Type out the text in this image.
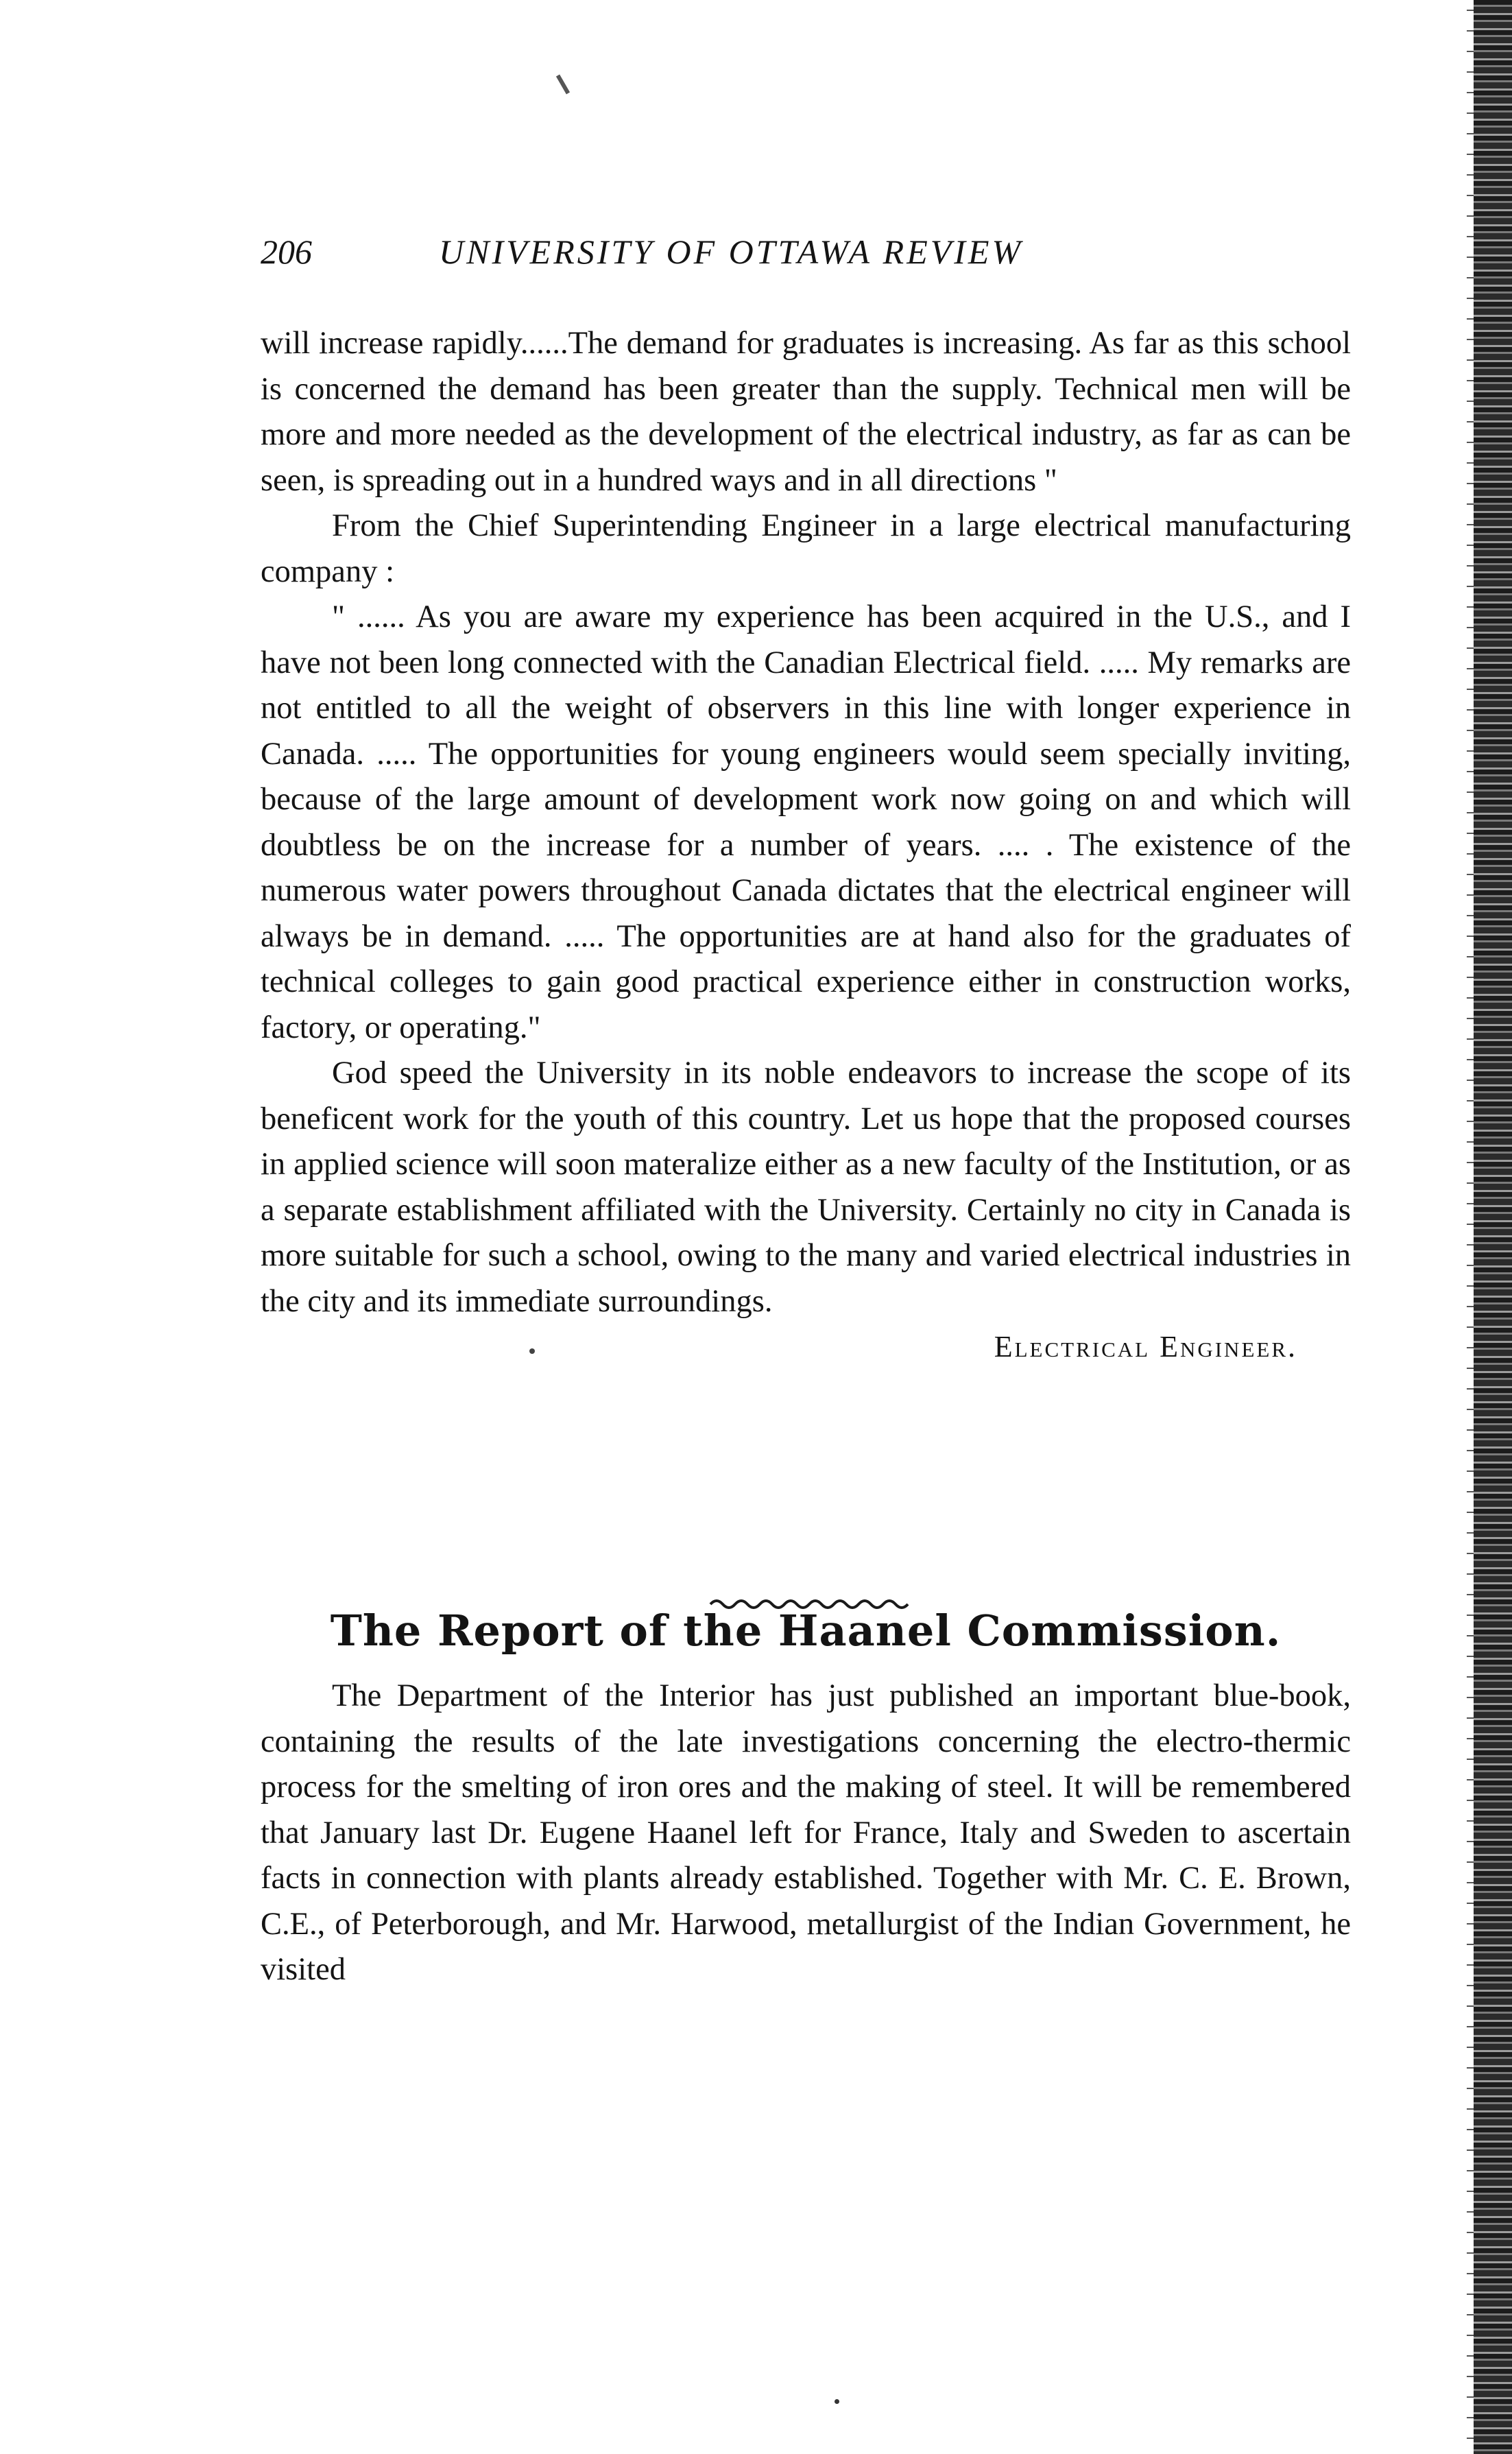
206	UNIVERSITY OF OTTAWA REVIEW

will increase rapidly......The demand for graduates is increasing. As far as this school is concerned the demand has been greater than the supply. Technical men will be more and more needed as the development of the electrical industry, as far as can be seen, is spreading out in a hundred ways and in all directions "

From the Chief Superintending Engineer in a large electrical manufacturing company :

" ...... As you are aware my experience has been acquired in the U.S., and I have not been long connected with the Canadian Electrical field. ..... My remarks are not entitled to all the weight of observers in this line with longer experience in Canada. ..... The opportunities for young engineers would seem specially inviting, because of the large amount of development work now going on and which will doubtless be on the increase for a number of years. .... . The existence of the numerous water powers throughout Canada dictates that the electrical engineer will always be in demand. ..... The opportunities are at hand also for the graduates of technical colleges to gain good practical experience either in construction works, factory, or operating."

God speed the University in its noble endeavors to increase the scope of its beneficent work for the youth of this country. Let us hope that the proposed courses in applied science will soon materalize either as a new faculty of the Institution, or as a separate establishment affiliated with the University. Certainly no city in Canada is more suitable for such a school, owing to the many and varied electrical industries in the city and its immediate surroundings.

Electrical Engineer.

The Report of the Haanel Commission.

The Department of the Interior has just published an important blue-book, containing the results of the late investigations concerning the electro-thermic process for the smelting of iron ores and the making of steel. It will be remembered that January last Dr. Eugene Haanel left for France, Italy and Sweden to ascertain facts in connection with plants already established. Together with Mr. C. E. Brown, C.E., of Peterborough, and Mr. Harwood, metallurgist of the Indian Government, he visited
